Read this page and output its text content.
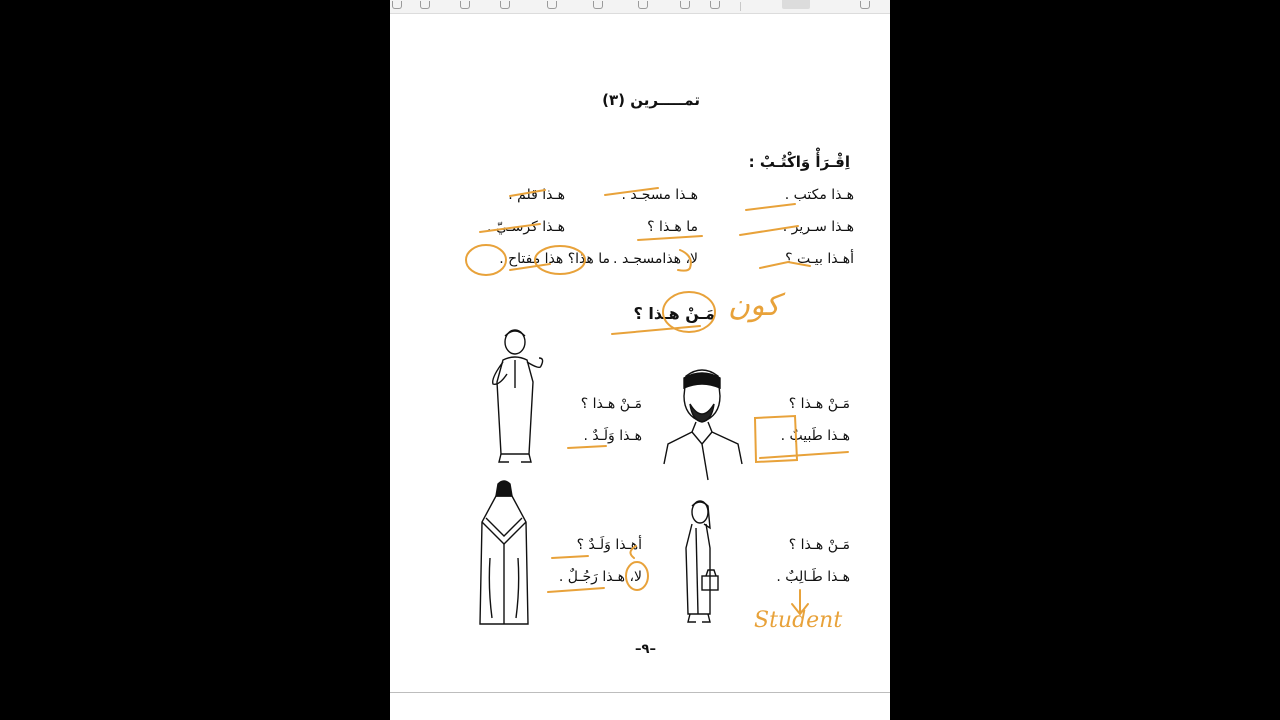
تمـــــرين (٣)
اِقْـرَأْ وَاكْتُـبْ :
هـذا مكتب .
هـذا مسجـد .
هـذا قلم .
هـذا سـرير .
ما هـذا ؟
هـذا كرسـيّ .
أهـذا بيـت ؟
لا، هذامسجـد .
ما هذا؟ هذا مفتاح .
مَـنْ هـذا ؟
مَـنْ هـذا ؟
هـذا طَبيبٌ .
مَـنْ هـذا ؟
هـذا وَلَـدٌ .
مَـنْ هـذا ؟
هـذا طَـالِبٌ .
أهـذا وَلَـدٌ ؟
لا، هـذا رَجُـلٌ .
–٩–
كون
Student
